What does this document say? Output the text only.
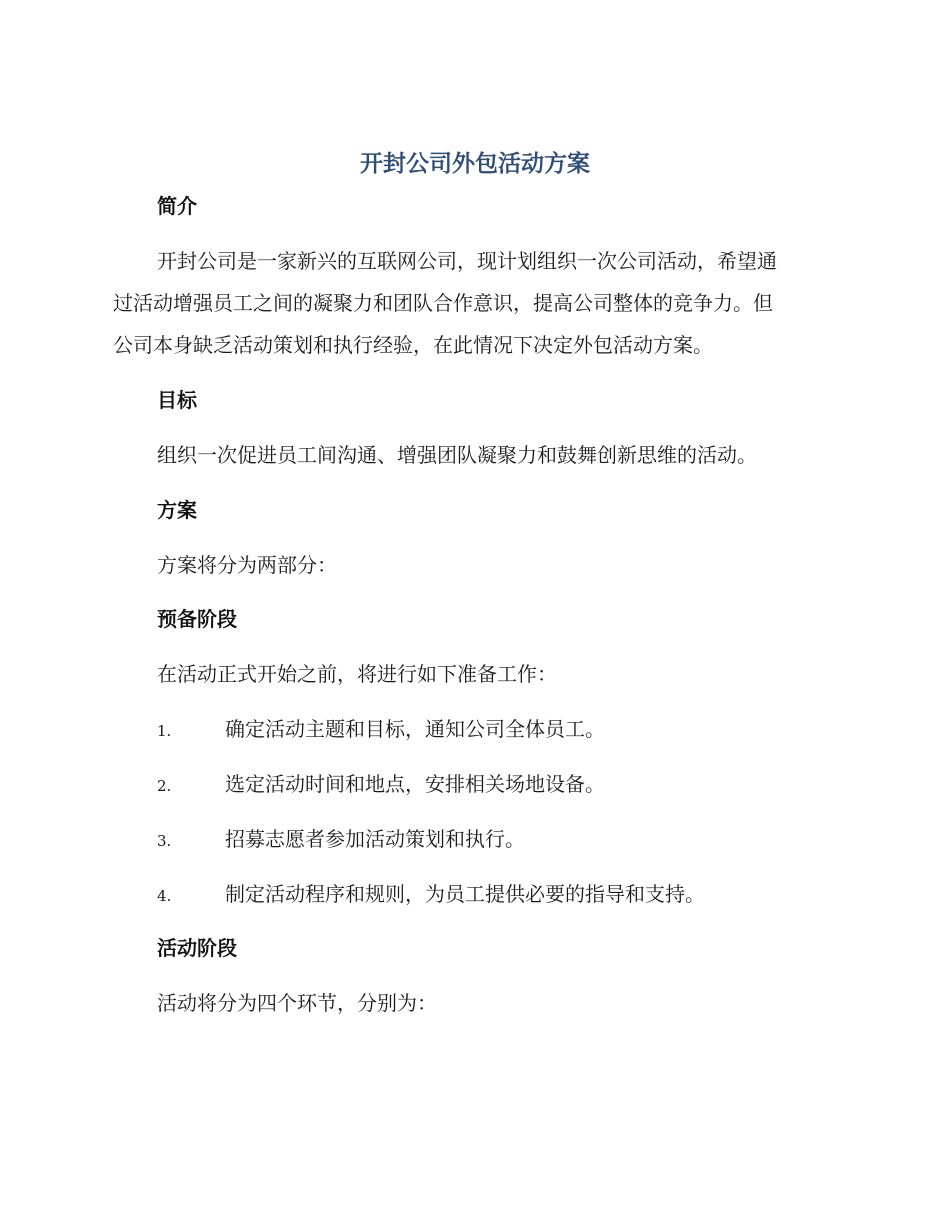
开封公司外包活动方案
简介

开封公司是一家新兴的互联网公司，现计划组织一次公司活动，希望通

过活动增强员工之间的凝聚力和团队合作意识，提高公司整体的竞争力。但

公司本身缺乏活动策划和执行经验，在此情况下决定外包活动方案。

目标

组织一次促进员工间沟通、增强团队凝聚力和鼓舞创新思维的活动。

方案

方案将分为两部分：

预备阶段

在活动正式开始之前，将进行如下准备工作：

1.	确定活动主题和目标，通知公司全体员工。
2.	选定活动时间和地点，安排相关场地设备。
3.	招募志愿者参加活动策划和执行。
4.	制定活动程序和规则，为员工提供必要的指导和支持。
活动阶段

活动将分为四个环节，分别为：
